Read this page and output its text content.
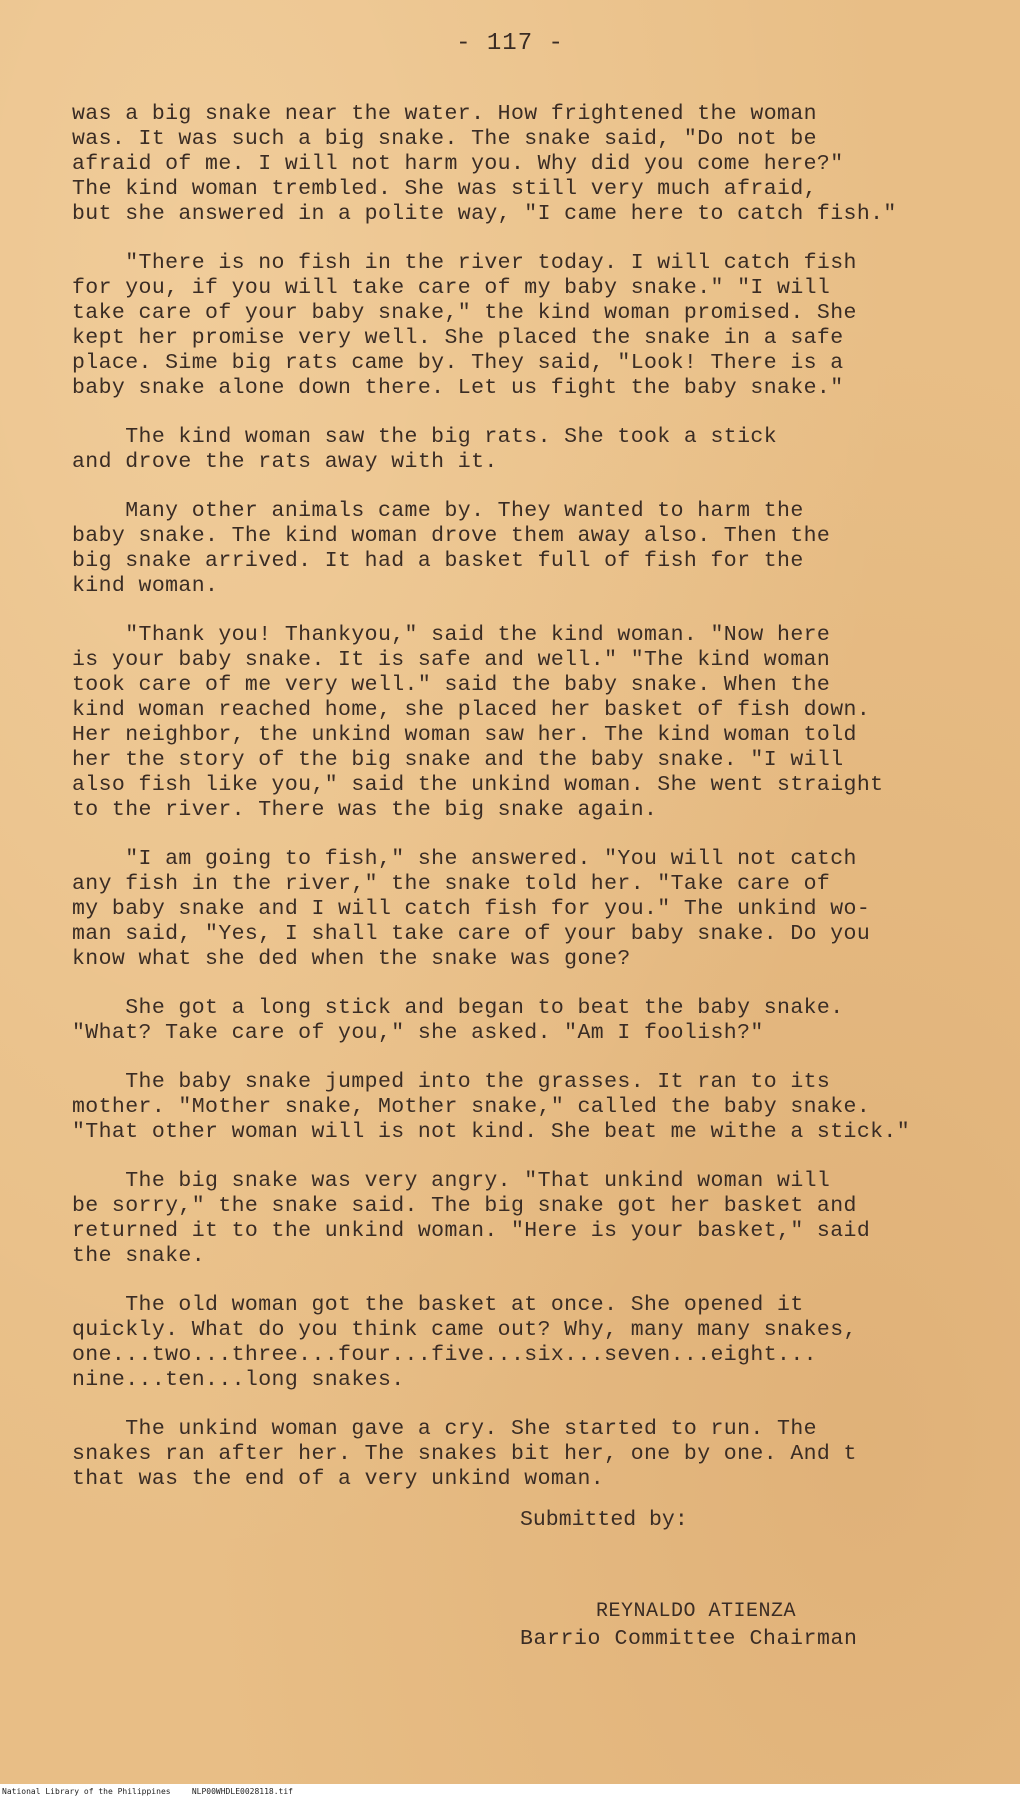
- 117 -
was a big snake near the water. How frightened the woman
was. It was such a big snake. The snake said, "Do not be
afraid of me. I will not harm you. Why did you come here?"
The kind woman trembled. She was still very much afraid,
but she answered in a polite way, "I came here to catch fish."
"There is no fish in the river today. I will catch fish
for you, if you will take care of my baby snake." "I will
take care of your baby snake," the kind woman promised. She
kept her promise very well. She placed the snake in a safe
place. Sime big rats came by. They said, "Look! There is a
baby snake alone down there. Let us fight the baby snake."
The kind woman saw the big rats. She took a stick
and drove the rats away with it.
Many other animals came by. They wanted to harm the
baby snake. The kind woman drove them away also. Then the
big snake arrived. It had a basket full of fish for the
kind woman.
"Thank you! Thankyou," said the kind woman. "Now here
is your baby snake. It is safe and well." "The kind woman
took care of me very well." said the baby snake. When the
kind woman reached home, she placed her basket of fish down.
Her neighbor, the unkind woman saw her. The kind woman told
her the story of the big snake and the baby snake. "I will
also fish like you," said the unkind woman. She went straight
to the river. There was the big snake again.
"I am going to fish," she answered. "You will not catch
any fish in the river," the snake told her. "Take care of
my baby snake and I will catch fish for you." The unkind wo-
man said, "Yes, I shall take care of your baby snake. Do you
know what she ded when the snake was gone?
She got a long stick and began to beat the baby snake.
"What? Take care of you," she asked. "Am I foolish?"
The baby snake jumped into the grasses. It ran to its
mother. "Mother snake, Mother snake," called the baby snake.
"That other woman will is not kind. She beat me withe a stick."
The big snake was very angry. "That unkind woman will
be sorry," the snake said. The big snake got her basket and
returned it to the unkind woman. "Here is your basket," said
the snake.
The old woman got the basket at once. She opened it
quickly. What do you think came out? Why, many many snakes,
one...two...three...four...five...six...seven...eight...
nine...ten...long snakes.
The unkind woman gave a cry. She started to run. The
snakes ran after her. The snakes bit her, one by one. And t
that was the end of a very unkind woman.
Submitted by:
REYNALDO ATIENZA
Barrio Committee Chairman
National Library of the Philippines	NLP00WHDLE0028118.tif
